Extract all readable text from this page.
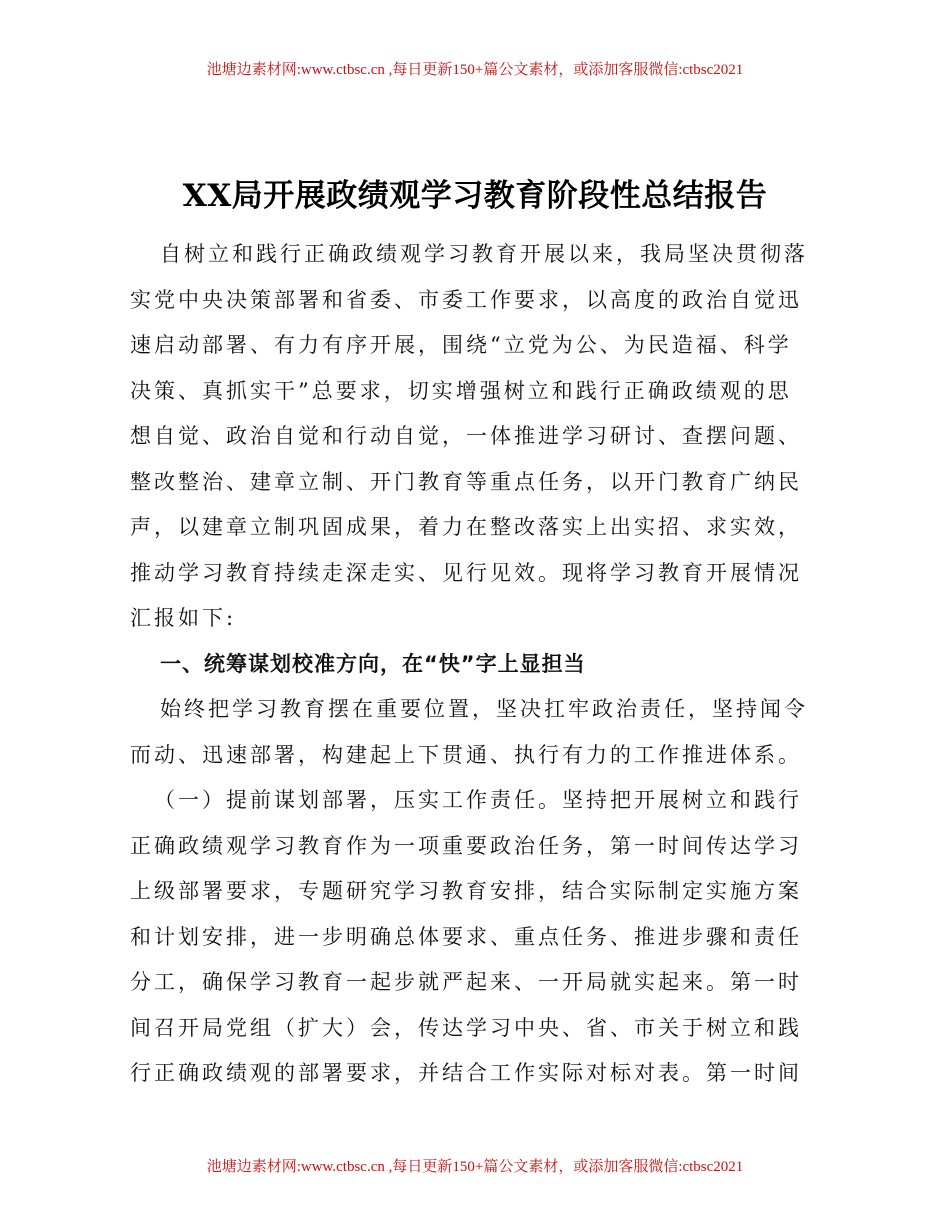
池塘边素材网:www.ctbsc.cn ,每日更新150+篇公文素材，或添加客服微信:ctbsc2021
XX局开展政绩观学习教育阶段性总结报告
自树立和践行正确政绩观学习教育开展以来，我局坚决贯彻落
实党中央决策部署和省委、市委工作要求，以高度的政治自觉迅
速启动部署、有力有序开展，围绕“立党为公、为民造福、科学
决策、真抓实干”总要求，切实增强树立和践行正确政绩观的思
想自觉、政治自觉和行动自觉，一体推进学习研讨、查摆问题、
整改整治、建章立制、开门教育等重点任务，以开门教育广纳民
声，以建章立制巩固成果，着力在整改落实上出实招、求实效，
推动学习教育持续走深走实、见行见效。现将学习教育开展情况
汇报如下:
一、统筹谋划校准方向，在“快”字上显担当
始终把学习教育摆在重要位置，坚决扛牢政治责任，坚持闻令
而动、迅速部署，构建起上下贯通、执行有力的工作推进体系。
（一）提前谋划部署，压实工作责任。坚持把开展树立和践行
正确政绩观学习教育作为一项重要政治任务，第一时间传达学习
上级部署要求，专题研究学习教育安排，结合实际制定实施方案
和计划安排，进一步明确总体要求、重点任务、推进步骤和责任
分工，确保学习教育一起步就严起来、一开局就实起来。第一时
间召开局党组（扩大）会，传达学习中央、省、市关于树立和践
行正确政绩观的部署要求，并结合工作实际对标对表。第一时间
池塘边素材网:www.ctbsc.cn ,每日更新150+篇公文素材，或添加客服微信:ctbsc2021
